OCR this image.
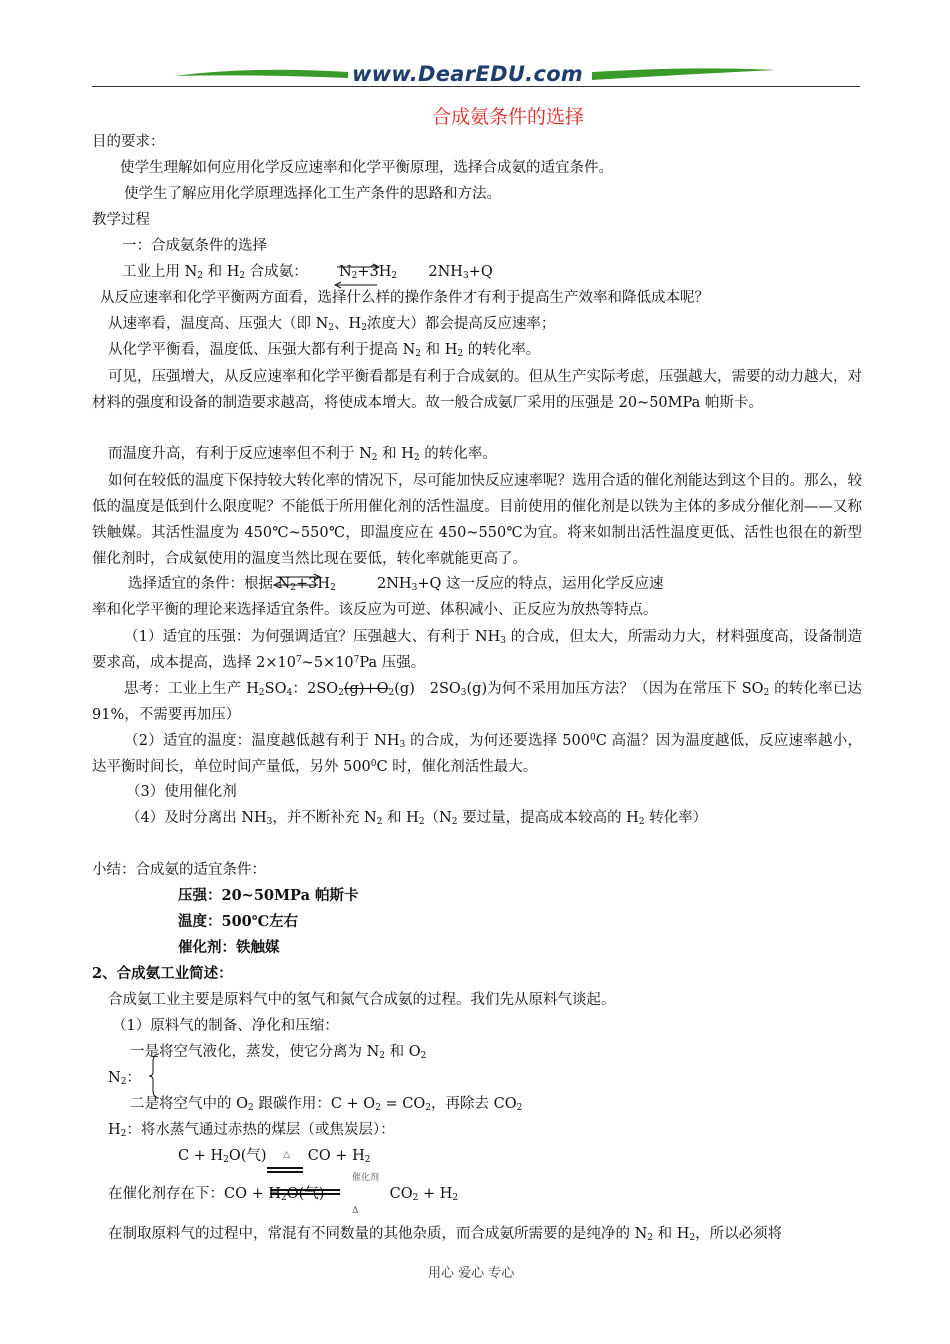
www.DearEDU.com
合成氨条件的选择
目的要求：
使学生理解如何应用化学反应速率和化学平衡原理，选择合成氨的适宜条件。
使学生了解应用化学原理选择化工生产条件的思路和方法。
教学过程
一：合成氨条件的选择
工业上用 $N_2$ 和 $H_2$ 合成氨： $N_2+3H_2$ $2NH_3+Q$
从反应速率和化学平衡两方面看，选择什么样的操作条件才有利于提高生产效率和降低成本呢？
从速率看，温度高、压强大（即 $N_2$、$H_2$浓度大）都会提高反应速率；
从化学平衡看，温度低、压强大都有利于提高 $N_2$ 和 $H_2$ 的转化率。
可见，压强增大，从反应速率和化学平衡看都是有利于合成氨的。但从生产实际考虑，压强越大，需要的动力越大，对材料的强度和设备的制造要求越高，将使成本增大。故一般合成氨厂采用的压强是 20~50MPa 帕斯卡。
而温度升高，有利于反应速率但不利于 $N_2$ 和 $H_2$ 的转化率。
如何在较低的温度下保持较大转化率的情况下，尽可能加快反应速率呢？选用合适的催化剂能达到这个目的。那么，较低的温度是低到什么限度呢？不能低于所用催化剂的活性温度。目前使用的催化剂是以铁为主体的多成分催化剂——又称铁触媒。其活性温度为 450℃~550℃，即温度应在 450~550℃为宜。将来如制出活性温度更低、活性也很在的新型催化剂时，合成氨使用的温度当然比现在要低，转化率就能更高了。
选择适宜的条件：根据 $N_2+3H_2$	$2NH_3+Q$ 这一反应的特点，运用化学反应速
率和化学平衡的理论来选择适宜条件。该反应为可逆、体积减小、正反应为放热等特点。
（1）适宜的压强：为何强调适宜？压强越大、有利于 $NH_3$ 的合成，但太大，所需动力大，材料强度高，设备制造要求高，成本提高，选择 $2\times 10^7\sim 5\times 10^7Pa$ 压强。
思考：工业上生产 $H_2SO_4$：$2SO_2(g)+O_2(g)$　$2SO_3(g)$为何不采用加压方法？（因为在常压下 $SO_2$ 的转化率已达 91%，不需要再加压）
（2）适宜的温度：温度越低越有利于 $NH_3$ 的合成，为何还要选择 $500^0C$ 高温？因为温度越低，反应速率越小，达平衡时间长，单位时间产量低，另外 $500^0C$ 时，催化剂活性最大。
（3）使用催化剂
（4）及时分离出 $NH_3$，并不断补充 $N_2$ 和 $H_2(N_2$ 要过量，提高成本较高的 $H_2$ 转化率）
小结：合成氨的适宜条件：
压强：20~50MPa 帕斯卡
温度：500℃左右
催化剂：铁触媒
2、合成氨工业简述：
合成氨工业主要是原料气中的氢气和氮气合成氨的过程。我们先从原料气谈起。
（1）原料气的制备、净化和压缩：
一是将空气液化，蒸发，使它分离为 $N_2$ 和 $O_2$
$N_2$：
二是将空气中的 $O_2$ 跟碳作用：$C + O_2 = CO_2$，再除去 $CO_2$
$H_2$：将水蒸气通过赤热的煤层（或焦炭层）：
$C + H_2O$(气) △ CO + $H_2$
催化剂
在催化剂存在下：CO + $H_2O$(气)	$CO_2 + H_2$
Δ
在制取原料气的过程中，常混有不同数量的其他杂质，而合成氨所需要的是纯净的 $N_2$ 和 $H_2$，所以必须将
用心 爱心 专心
